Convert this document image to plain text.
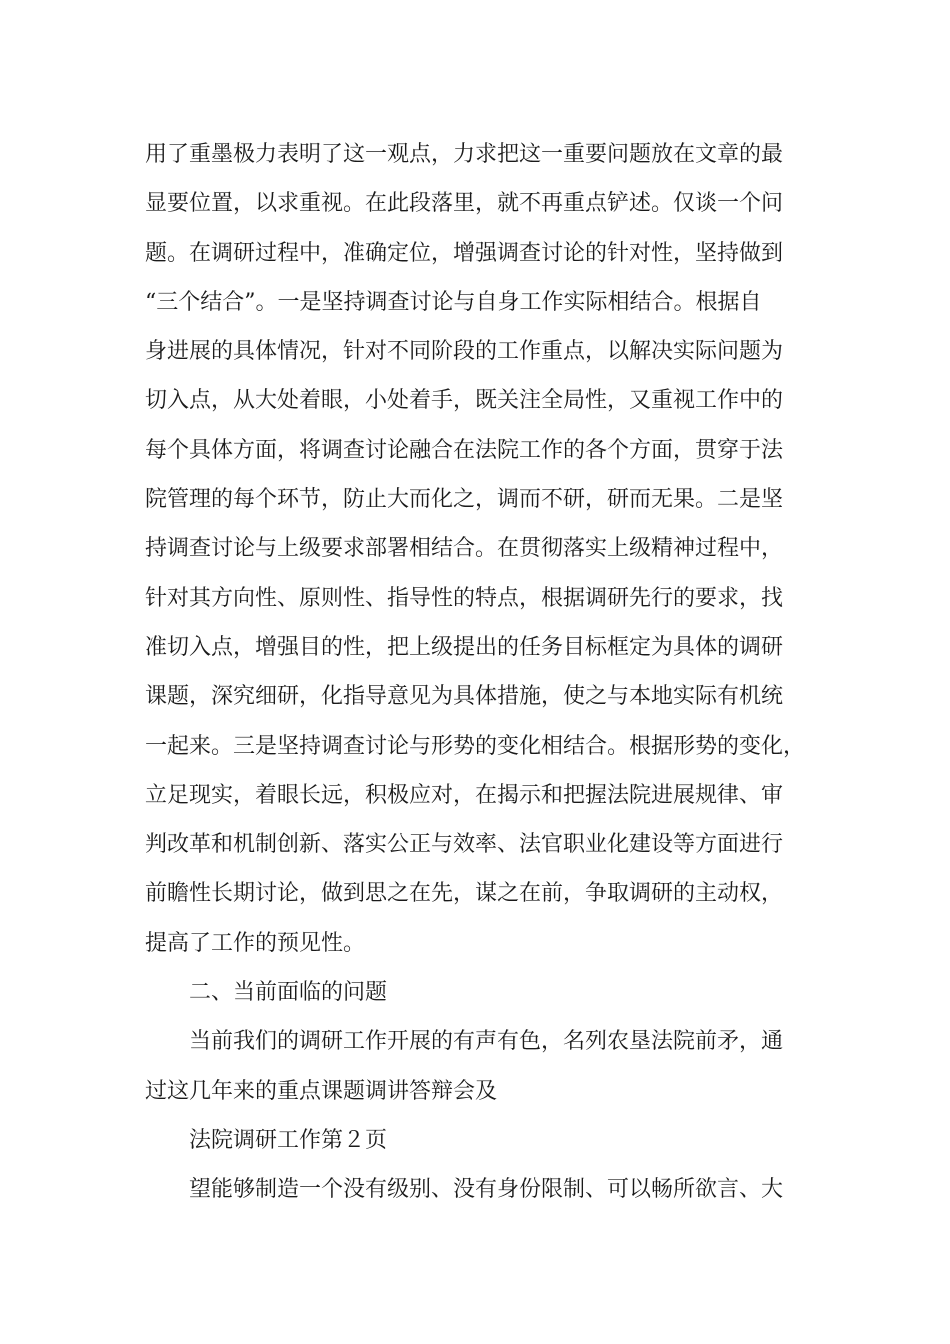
用了重墨极力表明了这一观点，力求把这一重要问题放在文章的最
显要位置，以求重视。在此段落里，就不再重点铲述。仅谈一个问
题。在调研过程中，准确定位，增强调查讨论的针对性，坚持做到
“三个结合”。一是坚持调查讨论与自身工作实际相结合。根据自
身进展的具体情况，针对不同阶段的工作重点，以解决实际问题为
切入点，从大处着眼，小处着手，既关注全局性，又重视工作中的
每个具体方面，将调查讨论融合在法院工作的各个方面，贯穿于法
院管理的每个环节，防止大而化之，调而不研，研而无果。二是坚
持调查讨论与上级要求部署相结合。在贯彻落实上级精神过程中，
针对其方向性、原则性、指导性的特点，根据调研先行的要求，找
准切入点，增强目的性，把上级提出的任务目标框定为具体的调研
课题，深究细研，化指导意见为具体措施，使之与本地实际有机统
一起来。三是坚持调查讨论与形势的变化相结合。根据形势的变化，
立足现实，着眼长远，积极应对，在揭示和把握法院进展规律、审
判改革和机制创新、落实公正与效率、法官职业化建设等方面进行
前瞻性长期讨论，做到思之在先，谋之在前，争取调研的主动权，
提高了工作的预见性。
二、当前面临的问题
当前我们的调研工作开展的有声有色，名列农垦法院前矛，通
过这几年来的重点课题调讲答辩会及
法院调研工作第２页
望能够制造一个没有级别、没有身份限制、可以畅所欲言、大
